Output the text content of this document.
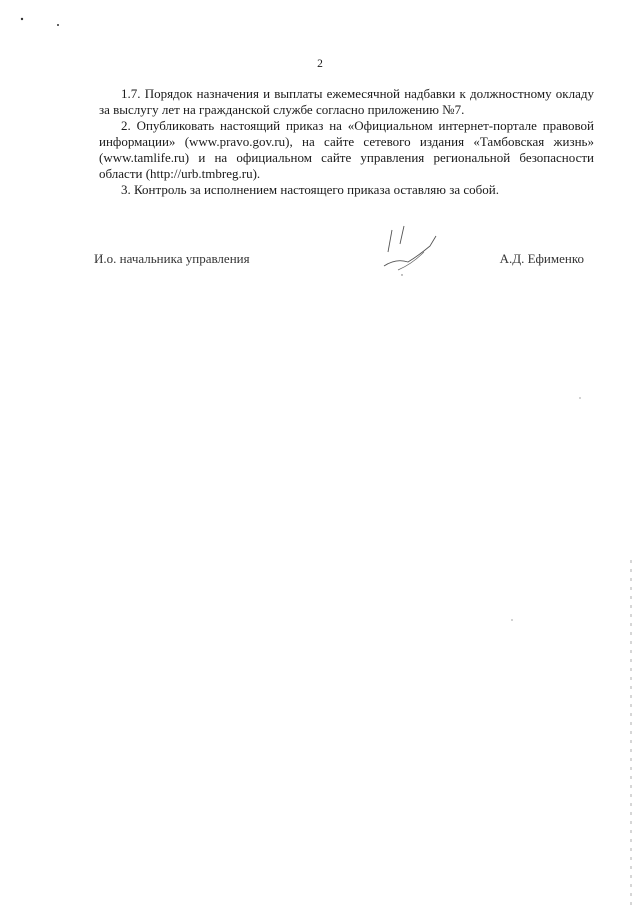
2

1.7. Порядок назначения и выплаты ежемесячной надбавки к должностному окладу за выслугу лет на гражданской службе согласно приложению №7.

2. Опубликовать настоящий приказ на «Официальном интернет-портале правовой информации» (www.pravo.gov.ru), на сайте сетевого издания «Тамбовская жизнь» (www.tamlife.ru) и на официальном сайте управления региональной безопасности области (http://urb.tmbreg.ru).

3. Контроль за исполнением настоящего приказа оставляю за собой.

И.о. начальника управления	А.Д. Ефименко
